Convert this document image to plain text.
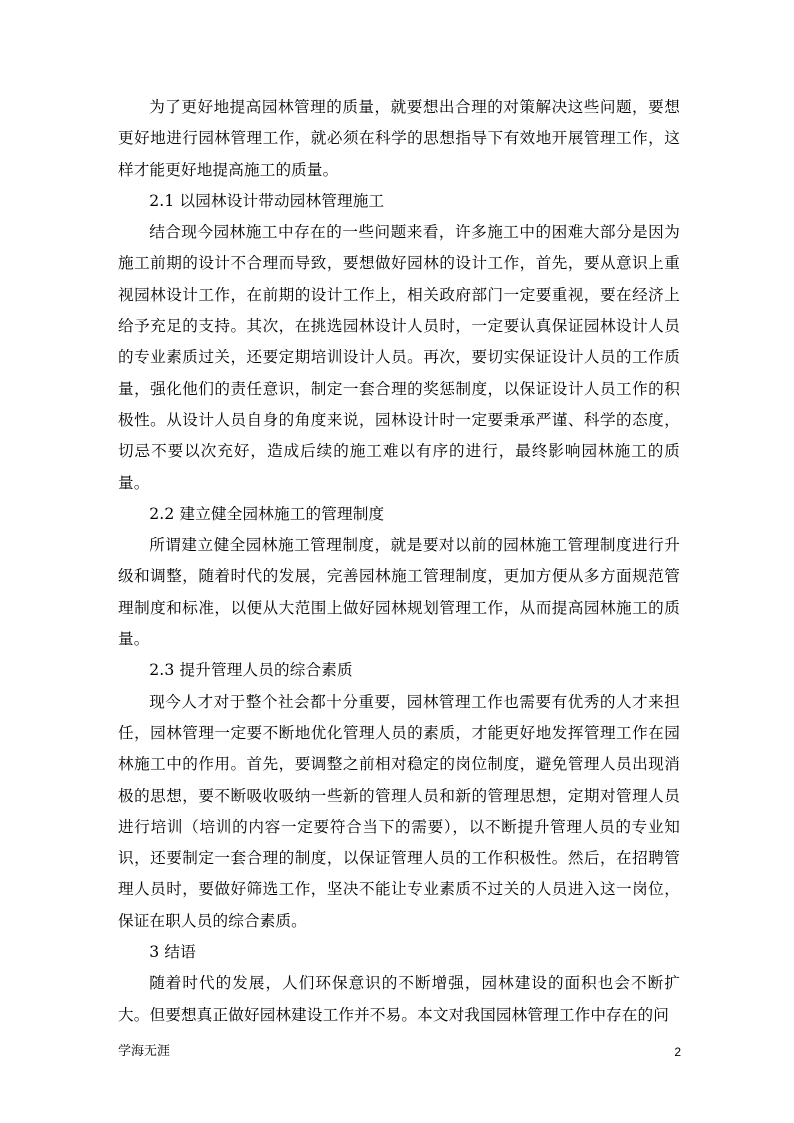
为了更好地提高园林管理的质量，就要想出合理的对策解决这些问题，要想更好地进行园林管理工作，就必须在科学的思想指导下有效地开展管理工作，这样才能更好地提高施工的质量。

2.1 以园林设计带动园林管理施工

结合现今园林施工中存在的一些问题来看，许多施工中的困难大部分是因为施工前期的设计不合理而导致，要想做好园林的设计工作，首先，要从意识上重视园林设计工作，在前期的设计工作上，相关政府部门一定要重视，要在经济上给予充足的支持。其次，在挑选园林设计人员时，一定要认真保证园林设计人员的专业素质过关，还要定期培训设计人员。再次，要切实保证设计人员的工作质量，强化他们的责任意识，制定一套合理的奖惩制度，以保证设计人员工作的积极性。从设计人员自身的角度来说，园林设计时一定要秉承严谨、科学的态度，切忌不要以次充好，造成后续的施工难以有序的进行，最终影响园林施工的质量。

2.2 建立健全园林施工的管理制度

所谓建立健全园林施工管理制度，就是要对以前的园林施工管理制度进行升级和调整，随着时代的发展，完善园林施工管理制度，更加方便从多方面规范管理制度和标准，以便从大范围上做好园林规划管理工作，从而提高园林施工的质量。

2.3 提升管理人员的综合素质

现今人才对于整个社会都十分重要，园林管理工作也需要有优秀的人才来担任，园林管理一定要不断地优化管理人员的素质，才能更好地发挥管理工作在园林施工中的作用。首先，要调整之前相对稳定的岗位制度，避免管理人员出现消极的思想，要不断吸收吸纳一些新的管理人员和新的管理思想，定期对管理人员进行培训（培训的内容一定要符合当下的需要），以不断提升管理人员的专业知识，还要制定一套合理的制度，以保证管理人员的工作积极性。然后，在招聘管理人员时，要做好筛选工作，坚决不能让专业素质不过关的人员进入这一岗位，保证在职人员的综合素质。

3 结语

随着时代的发展，人们环保意识的不断增强，园林建设的面积也会不断扩大。但要想真正做好园林建设工作并不易。本文对我国园林管理工作中存在的问

学海无涯	2
